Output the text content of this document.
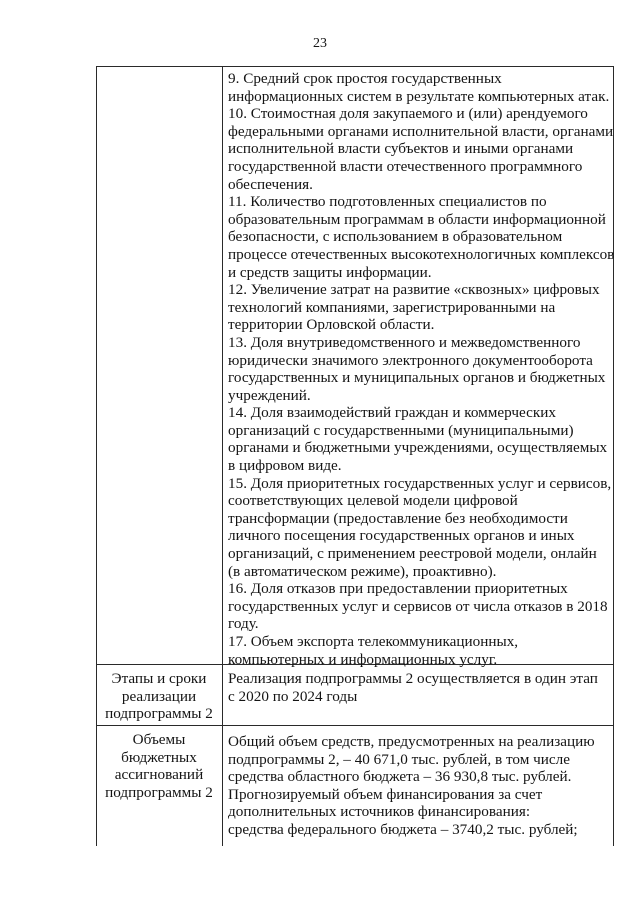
23
9. Средний срок простоя государственных
информационных систем в результате компьютерных атак.
10. Стоимостная доля закупаемого и (или) арендуемого
федеральными органами исполнительной власти, органами
исполнительной власти субъектов и иными органами
государственной власти отечественного программного
обеспечения.
11. Количество подготовленных специалистов по
образовательным программам в области информационной
безопасности, с использованием в образовательном
процессе отечественных высокотехнологичных комплексов
и средств защиты информации.
12. Увеличение затрат на развитие «сквозных» цифровых
технологий компаниями, зарегистрированными на
территории Орловской области.
13. Доля внутриведомственного и межведомственного
юридически значимого электронного документооборота
государственных и муниципальных органов и бюджетных
учреждений.
14. Доля взаимодействий граждан и коммерческих
организаций с государственными (муниципальными)
органами и бюджетными учреждениями, осуществляемых
в цифровом виде.
15. Доля приоритетных государственных услуг и сервисов,
соответствующих целевой модели цифровой
трансформации (предоставление без необходимости
личного посещения государственных органов и иных
организаций, с применением реестровой модели, онлайн
(в автоматическом режиме), проактивно).
16. Доля отказов при предоставлении приоритетных
государственных услуг и сервисов от числа отказов в 2018
году.
17. Объем экспорта телекоммуникационных,
компьютерных и информационных услуг.
Этапы и сроки
реализации
подпрограммы 2
Реализация подпрограммы 2 осуществляется в один этап
с 2020 по 2024 годы
Объемы
бюджетных
ассигнований
подпрограммы 2
Общий объем средств, предусмотренных на реализацию
подпрограммы 2, – 40 671,0 тыс. рублей, в том числе
средства областного бюджета – 36 930,8 тыс. рублей.
Прогнозируемый объем финансирования за счет
дополнительных источников финансирования:
средства федерального бюджета – 3740,2 тыс. рублей;
